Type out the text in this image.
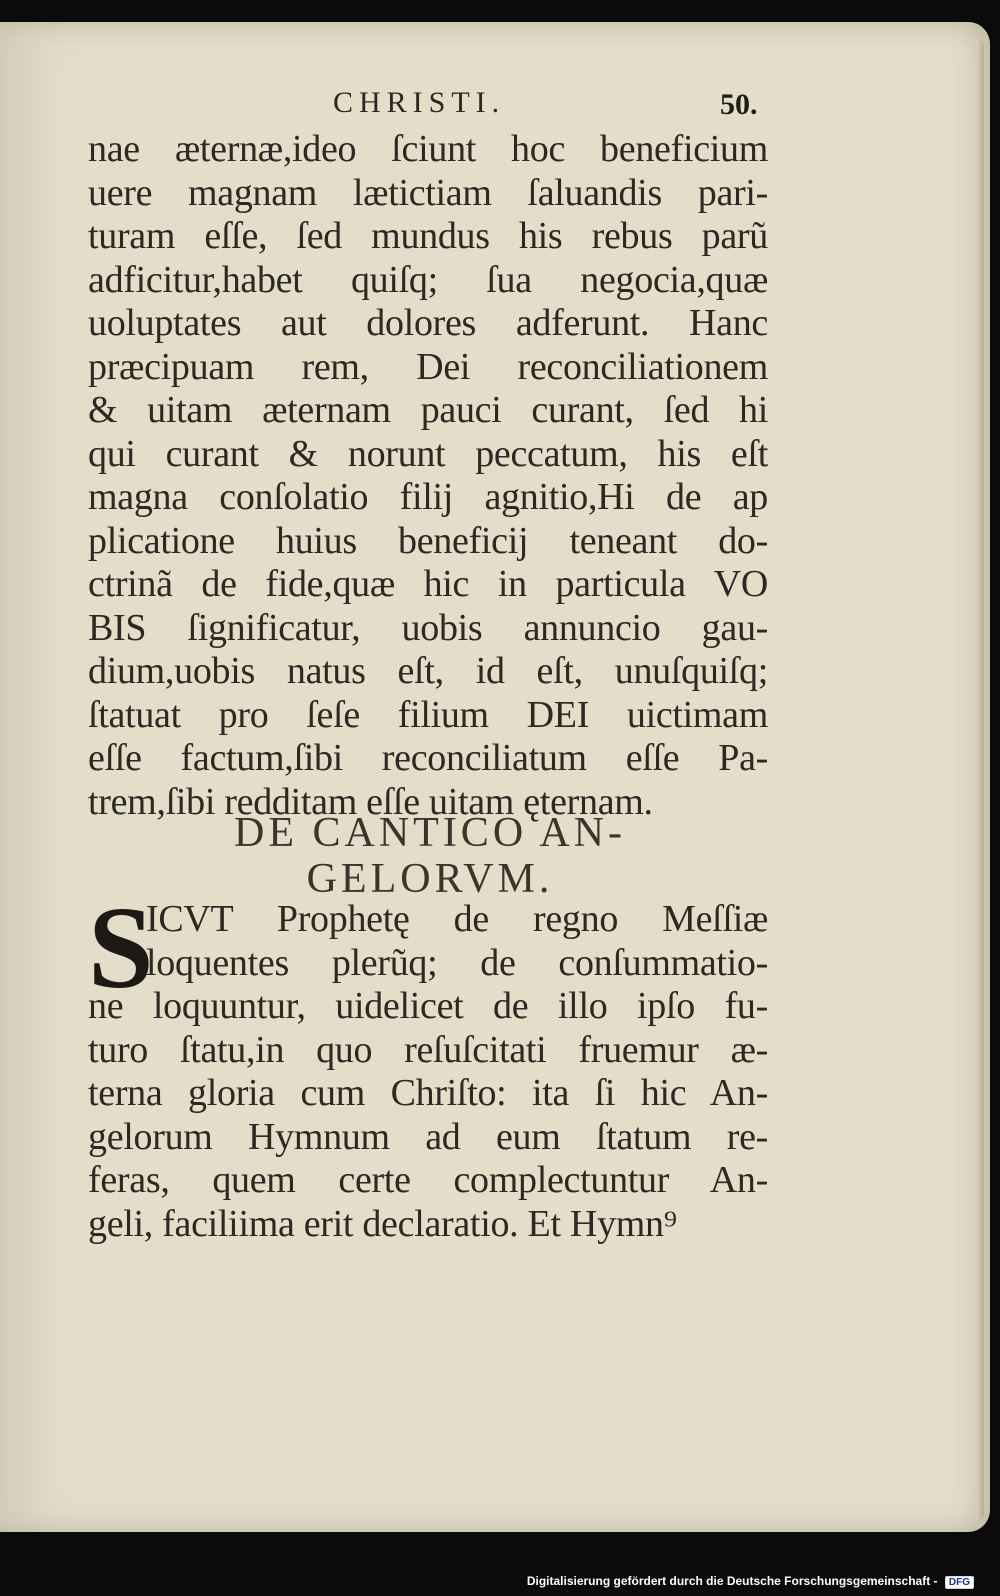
CHRISTI.	50.
nae æternæ,ideo ſciunt hoc beneficium
uere magnam lætictiam ſaluandis pari-
turam eſſe, ſed mundus his rebus parũ
adficitur,habet quiſq; ſua negocia,quæ
uoluptates aut dolores adferunt. Hanc
præcipuam rem, Dei reconciliationem
& uitam æternam pauci curant, ſed hi
qui curant & norunt peccatum, his eſt
magna conſolatio filij agnitio,Hi de ap
plicatione huius beneficij teneant do-
ctrinã de fide,quæ hic in particula VO
BIS ſignificatur, uobis annuncio gau-
dium,uobis natus eſt, id eſt, unuſquiſq;
ſtatuat pro ſeſe filium DEI uictimam
eſſe factum,ſibi reconciliatum eſſe Pa-
trem,ſibi redditam eſſe uitam ęternam.
DE CANTICO AN-
GELORVM.
S
ICVT Prophetę de regno Meſſiæ
loquentes plerũq; de conſummatio-
ne loquuntur, uidelicet de illo ipſo fu-
turo ſtatu,in quo reſuſcitati fruemur æ-
terna gloria cum Chriſto: ita ſi hic An-
gelorum Hymnum ad eum ſtatum re-
feras, quem certe complectuntur An-
geli, faciliima erit declaratio. Et Hymn⁹
Digitalisierung gefördert durch die Deutsche Forschungsgemeinschaft - DFG
